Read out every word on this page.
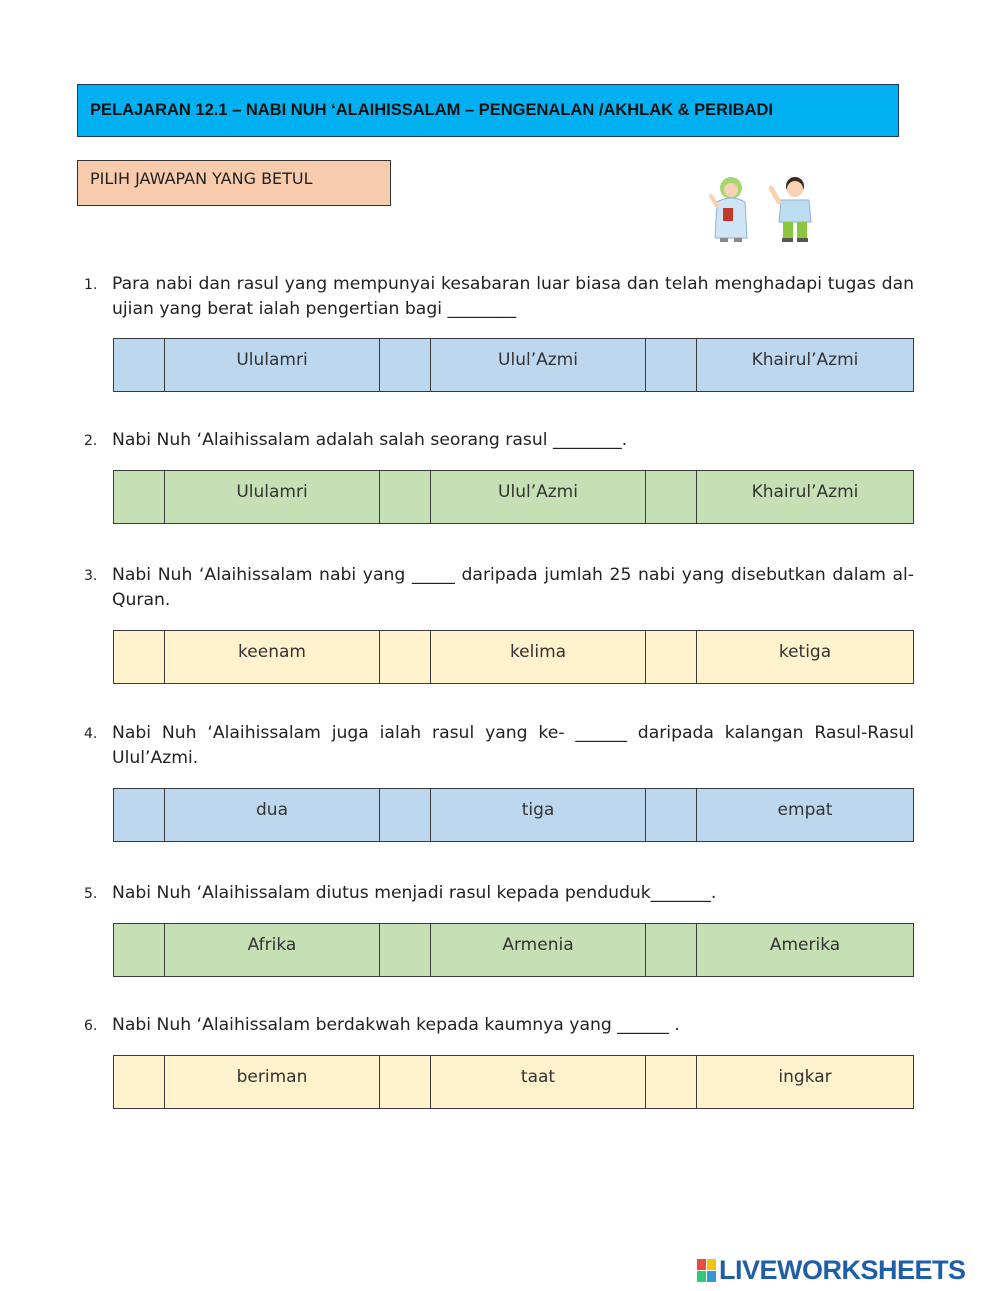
PELAJARAN 12.1 – NABI NUH ‘ALAIHISSALAM – PENGENALAN /AKHLAK & PERIBADI
PILIH JAWAPAN YANG BETUL
1. Para nabi dan rasul yang mempunyai kesabaran luar biasa dan telah menghadapi tugas dan ujian yang berat ialah pengertian bagi ________
Ululamri	Ulul’Azmi	Khairul’Azmi
2. Nabi Nuh ‘Alaihissalam adalah salah seorang rasul ________.
Ululamri	Ulul’Azmi	Khairul’Azmi
3. Nabi Nuh ‘Alaihissalam nabi yang _____ daripada jumlah 25 nabi yang disebutkan dalam al-Quran.
keenam	kelima	ketiga
4. Nabi Nuh ‘Alaihissalam juga ialah rasul yang ke- ______ daripada kalangan Rasul-Rasul Ulul’Azmi.
dua	tiga	empat
5. Nabi Nuh ‘Alaihissalam diutus menjadi rasul kepada penduduk_______.
Afrika	Armenia	Amerika
6. Nabi Nuh ‘Alaihissalam berdakwah kepada kaumnya yang ______ .
beriman	taat	ingkar
LIVEWORKSHEETS
